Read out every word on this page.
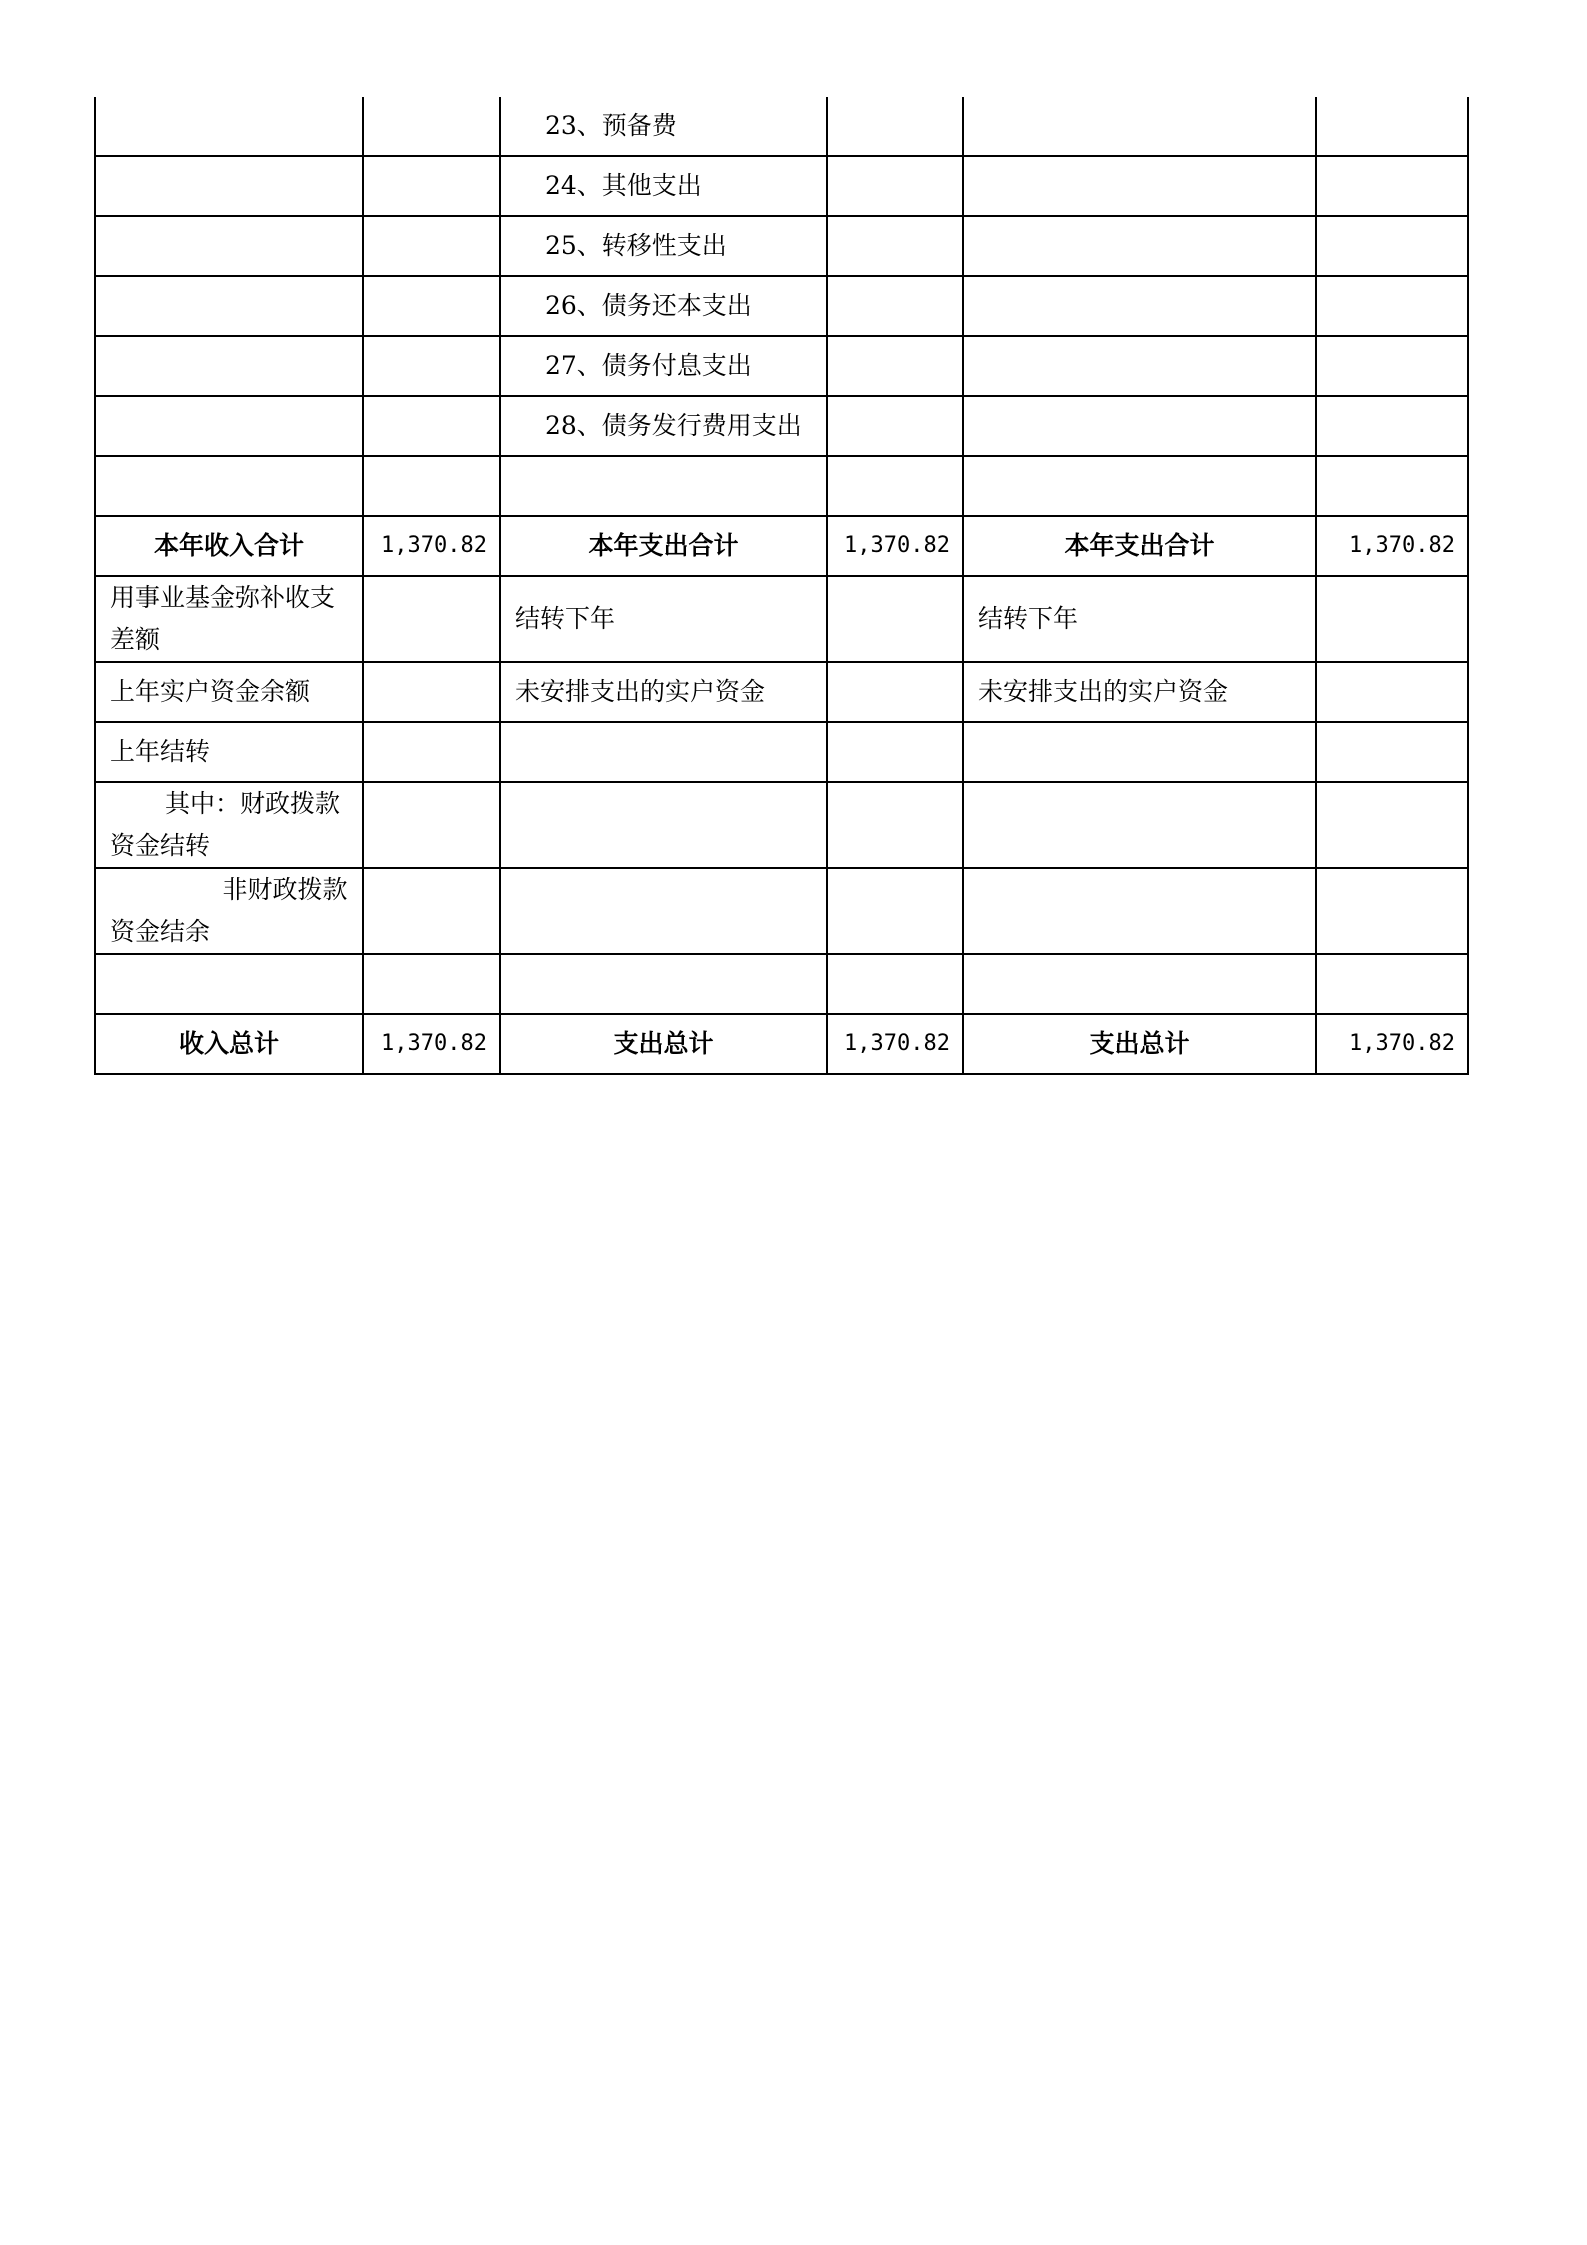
		23、预备费			
		24、其他支出			
		25、转移性支出			
		26、债务还本支出			
		27、债务付息支出			
		28、债务发行费用支出			

本年收入合计	1,370.82	本年支出合计	1,370.82	本年支出合计	1,370.82
用事业基金弥补收支差额		结转下年		结转下年	
上年实户资金余额		未安排支出的实户资金		未安排支出的实户资金	
上年结转					
其中：财政拨款资金结转					
非财政拨款资金结余					

收入总计	1,370.82	支出总计	1,370.82	支出总计	1,370.82
